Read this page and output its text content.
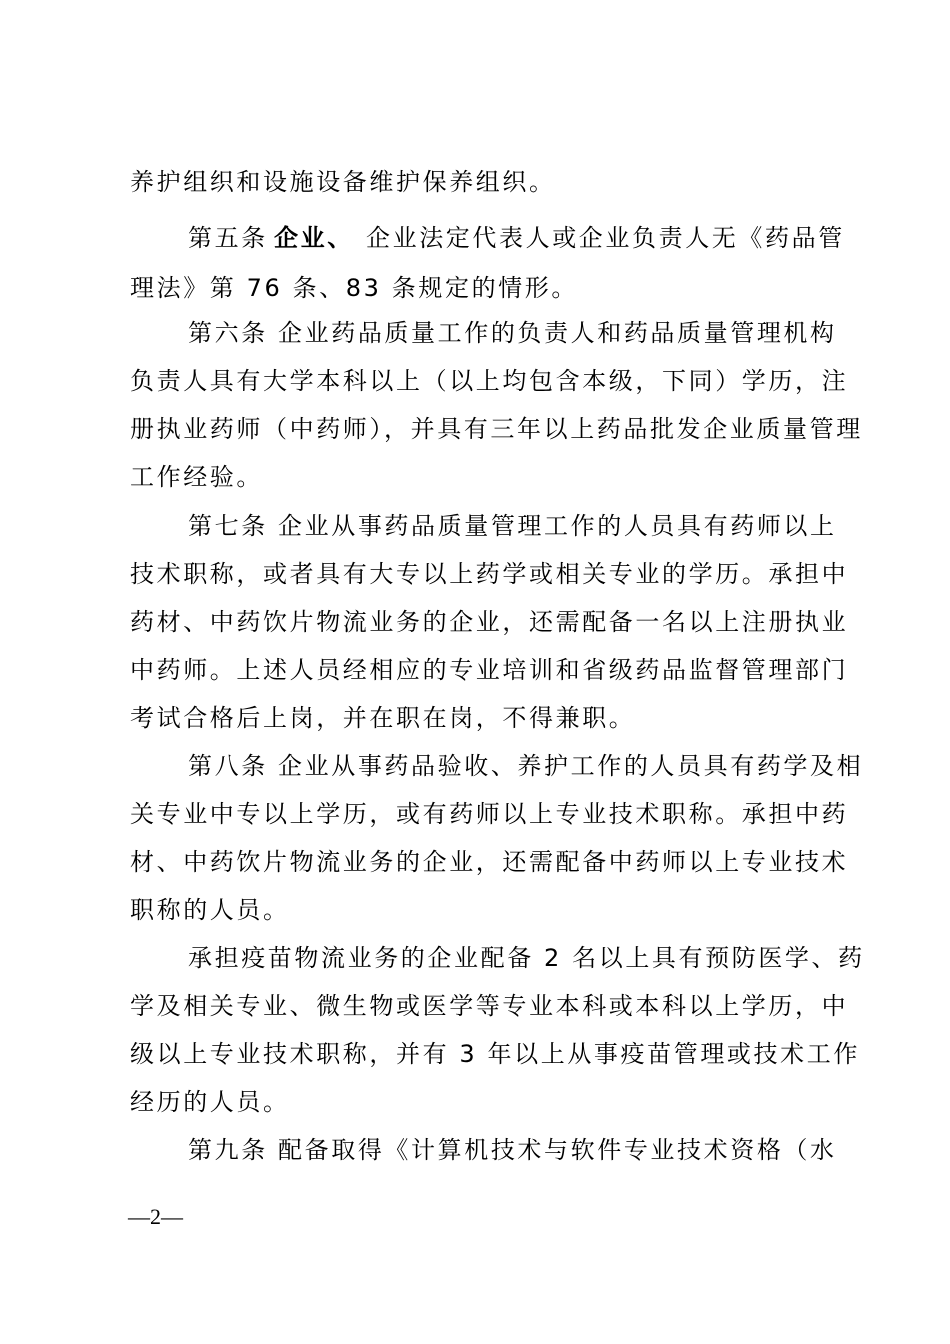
养护组织和设施设备维护保养组织。
第五条 企业、 企业法定代表人或企业负责人无《药品管
理法》第 76 条、83 条规定的情形。
第六条 企业药品质量工作的负责人和药品质量管理机构
负责人具有大学本科以上（以上均包含本级，下同）学历，注
册执业药师（中药师），并具有三年以上药品批发企业质量管理
工作经验。
第七条 企业从事药品质量管理工作的人员具有药师以上
技术职称，或者具有大专以上药学或相关专业的学历。承担中
药材、中药饮片物流业务的企业，还需配备一名以上注册执业
中药师。上述人员经相应的专业培训和省级药品监督管理部门
考试合格后上岗，并在职在岗，不得兼职。
第八条 企业从事药品验收、养护工作的人员具有药学及相
关专业中专以上学历，或有药师以上专业技术职称。承担中药
材、中药饮片物流业务的企业，还需配备中药师以上专业技术
职称的人员。
承担疫苗物流业务的企业配备 2 名以上具有预防医学、药
学及相关专业、微生物或医学等专业本科或本科以上学历，中
级以上专业技术职称，并有 3 年以上从事疫苗管理或技术工作
经历的人员。
第九条 配备取得《计算机技术与软件专业技术资格（水
—2—
